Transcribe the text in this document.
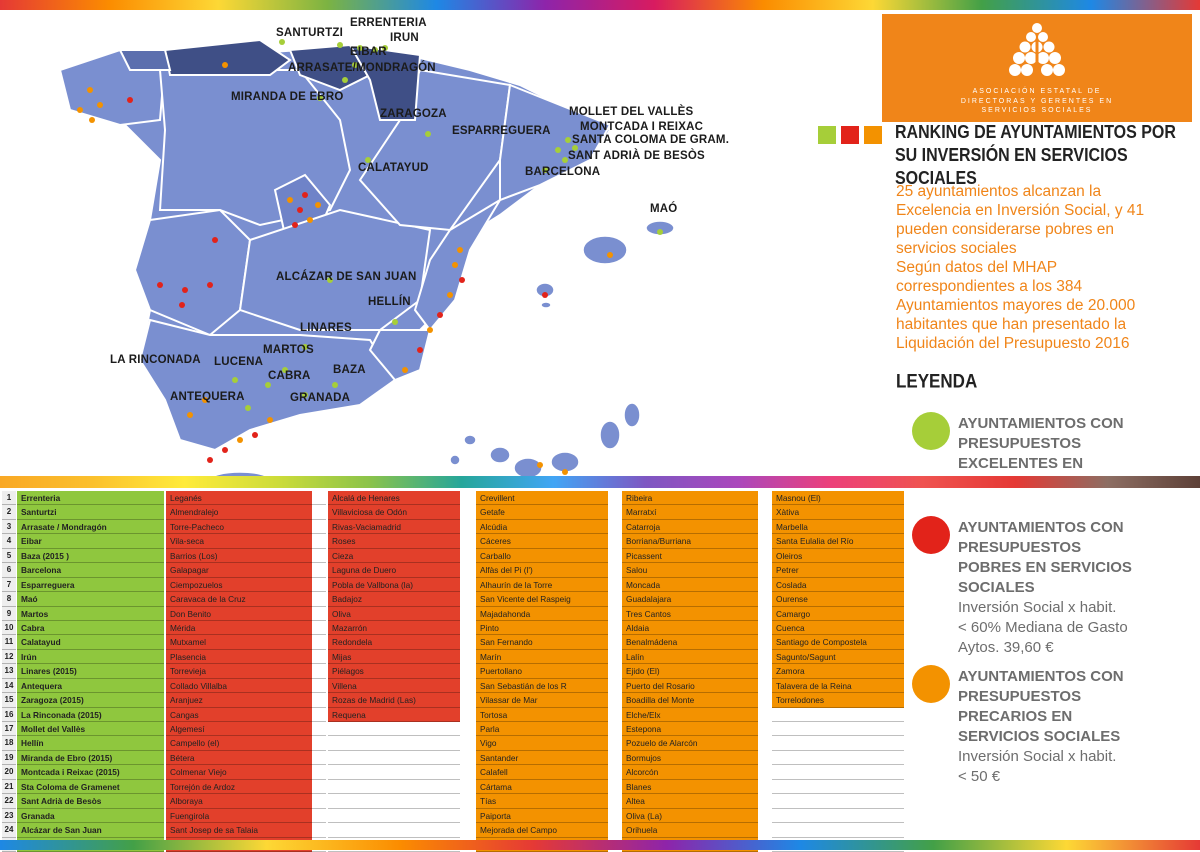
SANTURTZI
ERRENTERIA
IRUN
EIBAR
ARRASATE/MONDRAGÓN
MIRANDA DE EBRO
ZARAGOZA
ESPARREGUERA
MOLLET DEL VALLÈS
MONTCADA I REIXAC
SANTA COLOMA DE GRAM.
SANT ADRIÀ DE BESÒS
BARCELONA
CALATAYUD
MAÓ
ALCÁZAR DE SAN JUAN
HELLÍN
LINARES
MARTOS
LA RINCONADA LUCENA
CABRA BAZA
ANTEQUERA	GRANADA
ASOCIACIÓN ESTATAL DE
DIRECTORAS Y GERENTES EN
SERVICIOS SOCIALES
RANKING DE AYUNTAMIENTOS POR
SU INVERSIÓN EN SERVICIOS SOCIALES
25 ayuntamientos alcanzan la
Excelencia en Inversión Social, y 41
pueden considerarse pobres en
servicios sociales
Según datos del MHAP
correspondientes a los 384
Ayuntamientos mayores de 20.000
habitantes que han presentado la
Liquidación del Presupuesto 2016
LEYENDA
AYUNTAMIENTOS CON
PRESUPUESTOS
EXCELENTES EN
AYUNTAMIENTOS CON
PRESUPUESTOS
POBRES EN SERVICIOS
SOCIALES
Inversión Social x habit.
< 60% Mediana de Gasto
Aytos. 39,60 €
AYUNTAMIENTOS CON
PRESUPUESTOS
PRECARIOS EN
SERVICIOS SOCIALES
Inversión Social x habit.
< 50 €
1
2
3
4
5
6
7
8
9
10
11
12
13
14
15
16
17
18
19
20
21
22
23
24
Errenteria
Santurtzi
Arrasate / Mondragón
Eibar
Baza (2015 )
Barcelona
Esparreguera
Maó
Martos
Cabra
Calatayud
Irún
Linares (2015)
Antequera
Zaragoza (2015)
La Rinconada (2015)
Mollet del Vallès
Hellín
Miranda de Ebro (2015)
Montcada i Reixac (2015)
Sta Coloma de Gramenet
Sant Adrià de Besòs
Granada
Alcázar de San Juan
Leganés
Almendralejo
Torre-Pacheco
Vila-seca
Barrios (Los)
Galapagar
Ciempozuelos
Caravaca de la Cruz
Don Benito
Mérida
Mutxamel
Plasencia
Torrevieja
Collado Villalba
Aranjuez
Cangas
Algemesí
Campello (el)
Bétera
Colmenar Viejo
Torrejón de Ardoz
Alboraya
Fuengirola
Sant Josep de sa Talaia
Alcalá de Henares
Villaviciosa de Odón
Rivas-Vaciamadrid
Roses
Cieza
Laguna de Duero
Pobla de Vallbona (la)
Badajoz
Oliva
Mazarrón
Redondela
Mijas
Piélagos
Villena
Rozas de Madrid (Las)
Requena
Crevillent
Getafe
Alcúdia
Cáceres
Carballo
Alfàs del Pi (l')
Alhaurín de la Torre
San Vicente del Raspeig
Majadahonda
Pinto
San Fernando
Marín
Puertollano
San Sebastián de los R
Vilassar de Mar
Tortosa
Parla
Vigo
Santander
Calafell
Cártama
Tías
Paiporta
Mejorada del Campo
Ribeira
Marratxí
Catarroja
Borriana/Burriana
Picassent
Salou
Moncada
Guadalajara
Tres Cantos
Aldaia
Benalmádena
Lalín
Ejido (El)
Puerto del Rosario
Boadilla del Monte
Elche/Elx
Estepona
Pozuelo de Alarcón
Bormujos
Alcorcón
Blanes
Altea
Oliva (La)
Orihuela
Masnou (El)
Xàtiva
Marbella
Santa Eulalia del Río
Oleiros
Petrer
Coslada
Ourense
Camargo
Cuenca
Santiago de Compostela
Sagunto/Sagunt
Zamora
Talavera de la Reina
Torrelodones
